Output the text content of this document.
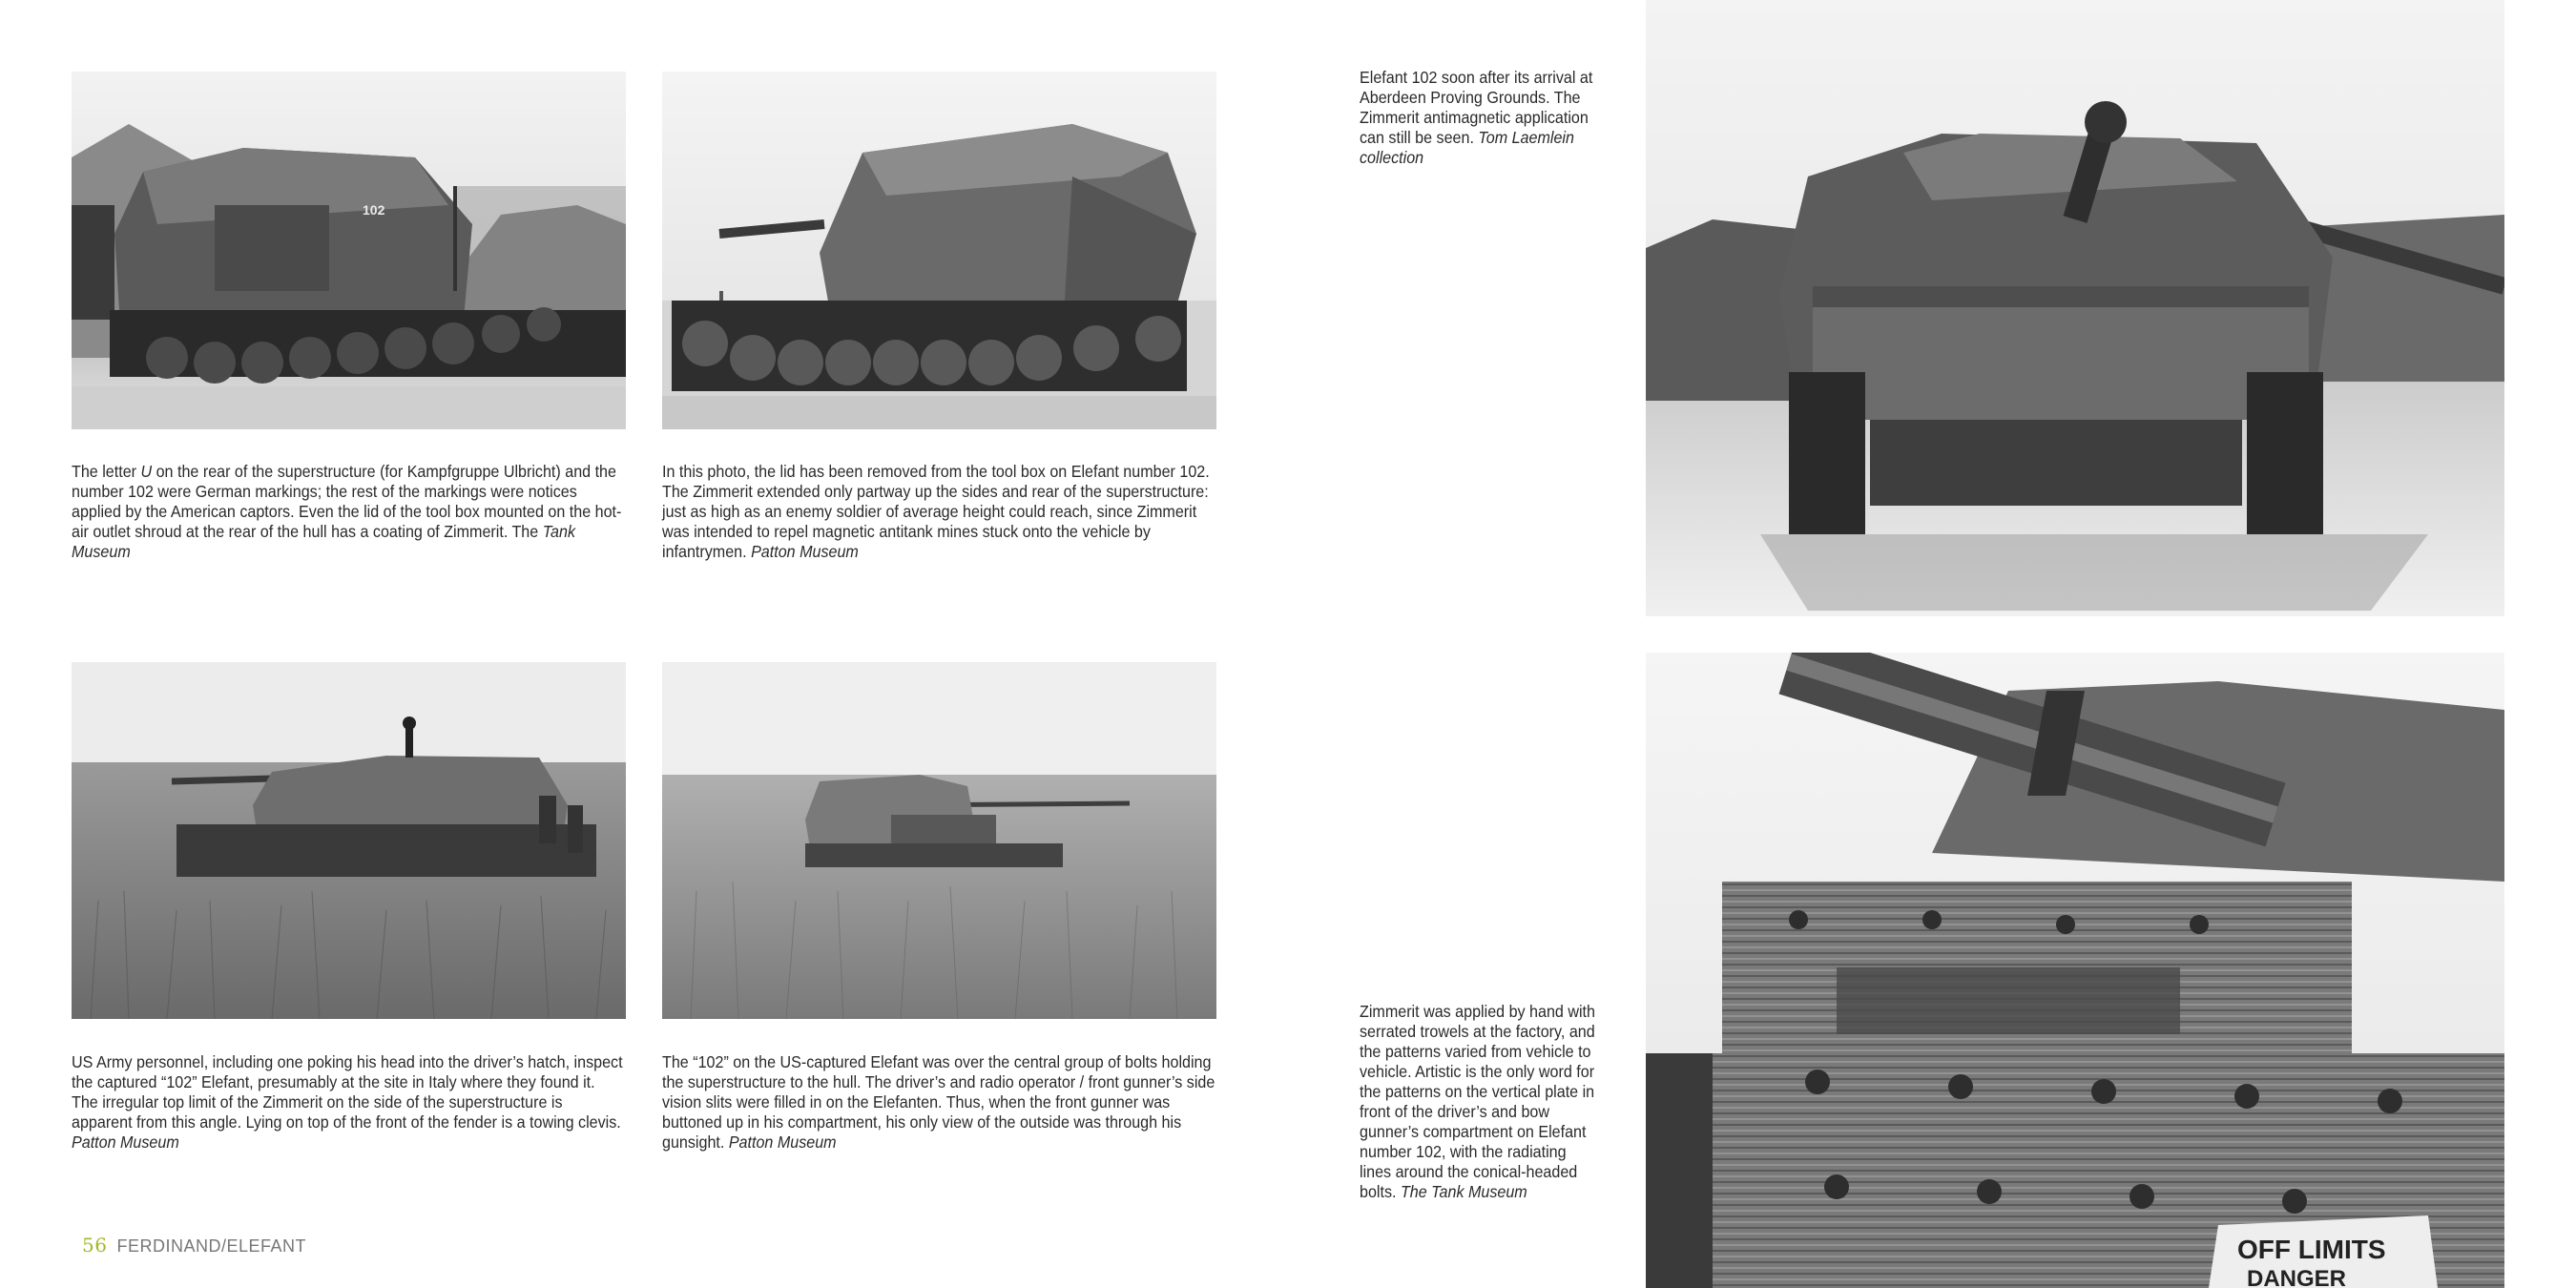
102
OFF LIMITS
DANGER

The letter U on the rear of the superstructure (for Kampfgruppe Ulbricht) and the number 102 were German markings; the rest of the markings were notices applied by the American captors. Even the lid of the tool box mounted on the hot-air outlet shroud at the rear of the hull has a coating of Zimmerit. The Tank Museum

In this photo, the lid has been removed from the tool box on Elefant number 102. The Zimmerit extended only partway up the sides and rear of the superstructure: just as high as an enemy soldier of average height could reach, since Zimmerit was intended to repel magnetic antitank mines stuck onto the vehicle by infantrymen. Patton Museum

US Army personnel, including one poking his head into the driver’s hatch, inspect the captured “102” Elefant, presumably at the site in Italy where they found it. The irregular top limit of the Zimmerit on the side of the superstructure is apparent from this angle. Lying on top of the front of the fender is a towing clevis. Patton Museum

The “102” on the US-captured Elefant was over the central group of bolts holding the superstructure to the hull. The driver’s and radio operator / front gunner’s side vision slits were filled in on the Elefanten. Thus, when the front gunner was buttoned up in his compartment, his only view of the outside was through his gunsight. Patton Museum

Elefant 102 soon after its arrival at Aberdeen Proving Grounds. The Zimmerit antimagnetic application can still be seen. Tom Laemlein collection

Zimmerit was applied by hand with serrated trowels at the factory, and the patterns varied from vehicle to vehicle. Artistic is the only word for the patterns on the vertical plate in front of the driver’s and bow gunner’s compartment on Elefant number 102, with the radiating lines around the conical-headed bolts. The Tank Museum

56 FERDINAND/ELEFANT
